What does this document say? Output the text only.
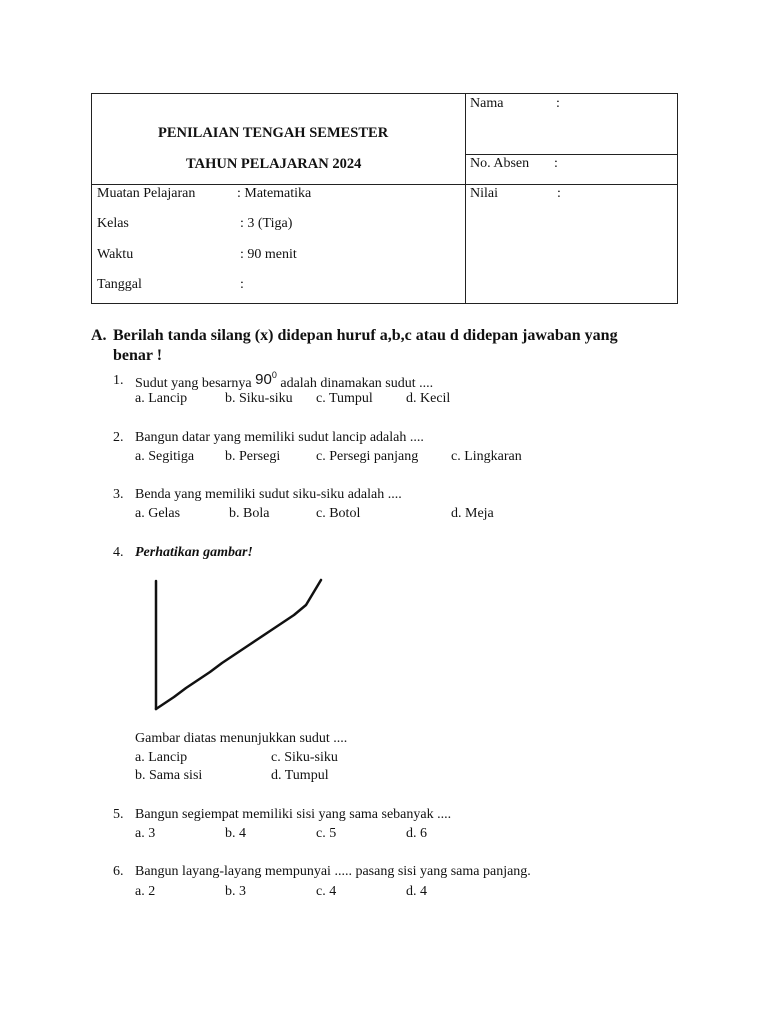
PENILAIAN TENGAH SEMESTER
TAHUN PELAJARAN 2024
Nama	:
No. Absen :
Nilai	:
Muatan Pelajaran	: Matematika
Kelas	: 3 (Tiga)
Waktu	: 90 menit
Tanggal	:
A. Berilah tanda silang (x) didepan huruf a,b,c atau d didepan jawaban yang
benar !
1. Sudut yang besarnya $90^0$ adalah dinamakan sudut ....
a. Lancip	b. Siku-siku c. Tumpul d. Kecil
2. Bangun datar yang memiliki sudut lancip adalah ....
a. Segitiga b. Persegi	c. Persegi panjang c. Lingkaran
3. Benda yang memiliki sudut siku-siku adalah ....
a. Gelas	b. Bola	c. Botol	d. Meja
4. Perhatikan gambar!
Gambar diatas menunjukkan sudut ....
a. Lancip	c. Siku-siku
b. Sama sisi	d. Tumpul
5. Bangun segiempat memiliki sisi yang sama sebanyak ....
a. 3	b. 4	c. 5	d. 6
6. Bangun layang-layang mempunyai ..... pasang sisi yang sama panjang.
a. 2	b. 3	c. 4	d. 4
